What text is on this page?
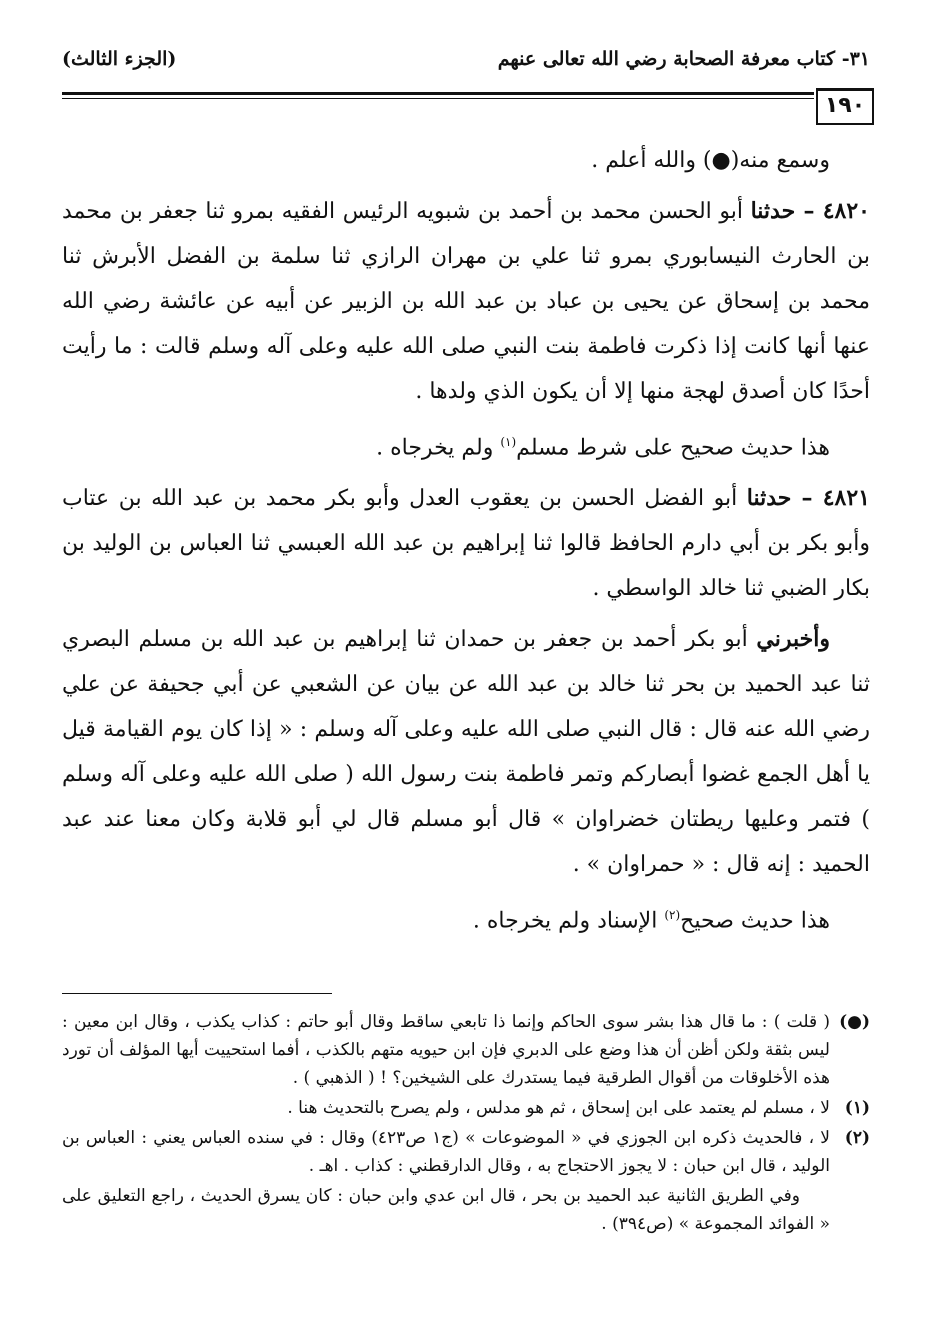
٣١- كتاب معرفة الصحابة رضي الله تعالى عنهم
(الجزء الثالث)
١٩٠

وسمع منه(●) والله أعلم .

٤٨٢٠ – حدثنا أبو الحسن محمد بن أحمد بن شبويه الرئيس الفقيه بمرو ثنا جعفر بن محمد بن الحارث النيسابوري بمرو ثنا علي بن مهران الرازي ثنا سلمة بن الفضل الأبرش ثنا محمد بن إسحاق عن يحيى بن عباد بن عبد الله بن الزبير عن أبيه عن عائشة رضي الله عنها أنها كانت إذا ذكرت فاطمة بنت النبي صلى الله عليه وعلى آله وسلم قالت : ما رأيت أحدًا كان أصدق لهجة منها إلا أن يكون الذي ولدها .

هذا حديث صحيح على شرط مسلم$^{(١)}$ ولم يخرجاه .

٤٨٢١ – حدثنا أبو الفضل الحسن بن يعقوب العدل وأبو بكر محمد بن عبد الله بن عتاب وأبو بكر بن أبي دارم الحافظ قالوا ثنا إبراهيم بن عبد الله العبسي ثنا العباس بن الوليد بن بكار الضبي ثنا خالد الواسطي .

وأخبرني أبو بكر أحمد بن جعفر بن حمدان ثنا إبراهيم بن عبد الله بن مسلم البصري ثنا عبد الحميد بن بحر ثنا خالد بن عبد الله عن بيان عن الشعبي عن أبي جحيفة عن علي رضي الله عنه قال : قال النبي صلى الله عليه وعلى آله وسلم : « إذا كان يوم القيامة قيل يا أهل الجمع غضوا أبصاركم وتمر فاطمة بنت رسول الله ( صلى الله عليه وعلى آله وسلم ) فتمر وعليها ريطتان خضراوان » قال أبو مسلم قال لي أبو قلابة وكان معنا عند عبد الحميد : إنه قال : « حمراوان » .

هذا حديث صحيح$^{(٢)}$ الإسناد ولم يخرجاه .

(●)
( قلت ) : ما قال هذا بشر سوى الحاكم وإنما ذا تابعي ساقط وقال أبو حاتم : كذاب يكذب ، وقال ابن معين : ليس بثقة ولكن أظن أن هذا وضع على الدبري فإن ابن حيويه متهم بالكذب ، أفما استحييت أيها المؤلف أن تورد هذه الأخلوقات من أقوال الطرقية فيما يستدرك على الشيخين؟ ! ( الذهبي ) .
(١)
لا ، مسلم لم يعتمد على ابن إسحاق ، ثم هو مدلس ، ولم يصرح بالتحديث هنا .
(٢)
لا ، فالحديث ذكره ابن الجوزي في « الموضوعات » (ج١ ص٤٢٣) وقال : في سنده العباس يعني : العباس بن الوليد ، قال ابن حبان : لا يجوز الاحتجاج به ، وقال الدارقطني : كذاب . اهـ .
وفي الطريق الثانية عبد الحميد بن بحر ، قال ابن عدي وابن حبان : كان يسرق الحديث ، راجع التعليق على « الفوائد المجموعة » (ص٣٩٤) .
